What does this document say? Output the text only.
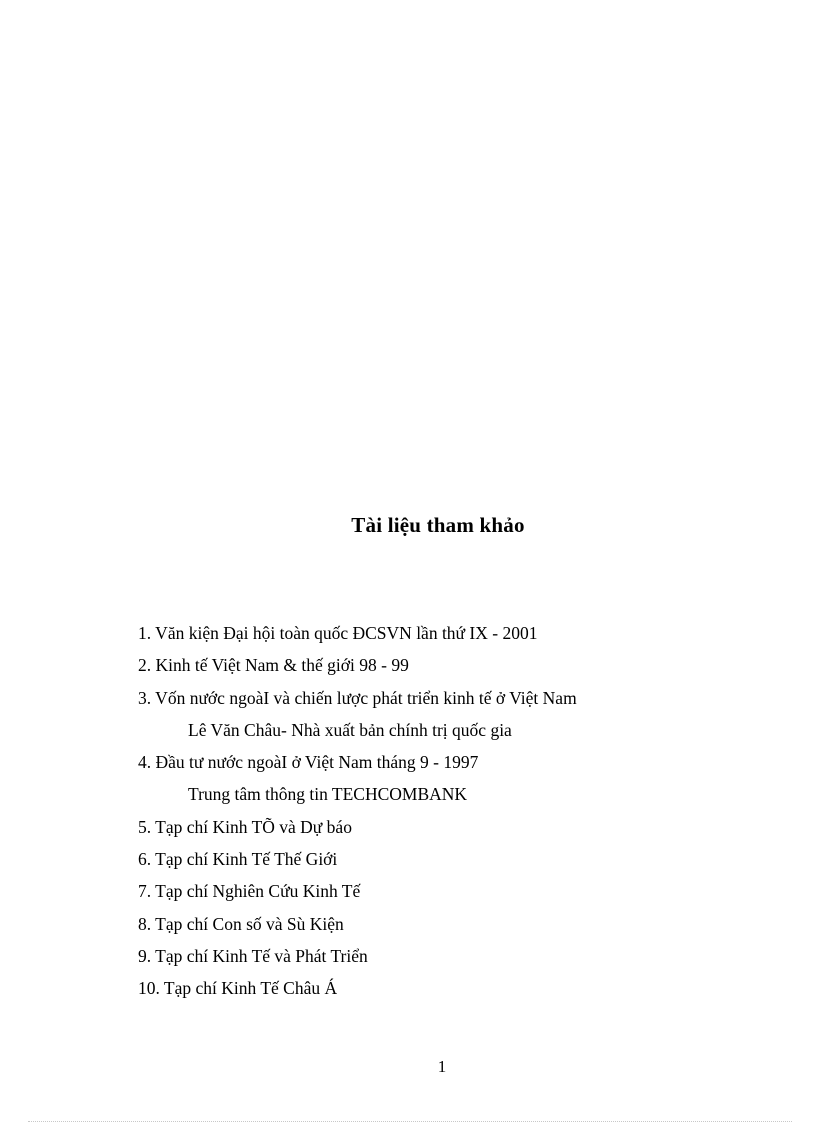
Tài liệu tham khảo
1. Văn kiện Đại hội toàn quốc ĐCSVN lần thứ IX - 2001
2. Kinh tế Việt Nam & thế giới 98 - 99
3. Vốn nước ngoàI và chiến lược phát triển kinh tế ở Việt Nam
Lê Văn Châu- Nhà xuất bản chính trị quốc gia
4. Đầu tư nước ngoàI ở Việt Nam tháng 9 - 1997
Trung tâm thông tin TECHCOMBANK
5. Tạp chí Kinh TÕ và Dự báo
6. Tạp chí Kinh Tế Thế Giới
7. Tạp chí Nghiên Cứu Kinh Tế
8. Tạp chí Con số và Sù Kiện
9. Tạp chí Kinh Tế và Phát Triển
10. Tạp chí Kinh Tế Châu Á
1
